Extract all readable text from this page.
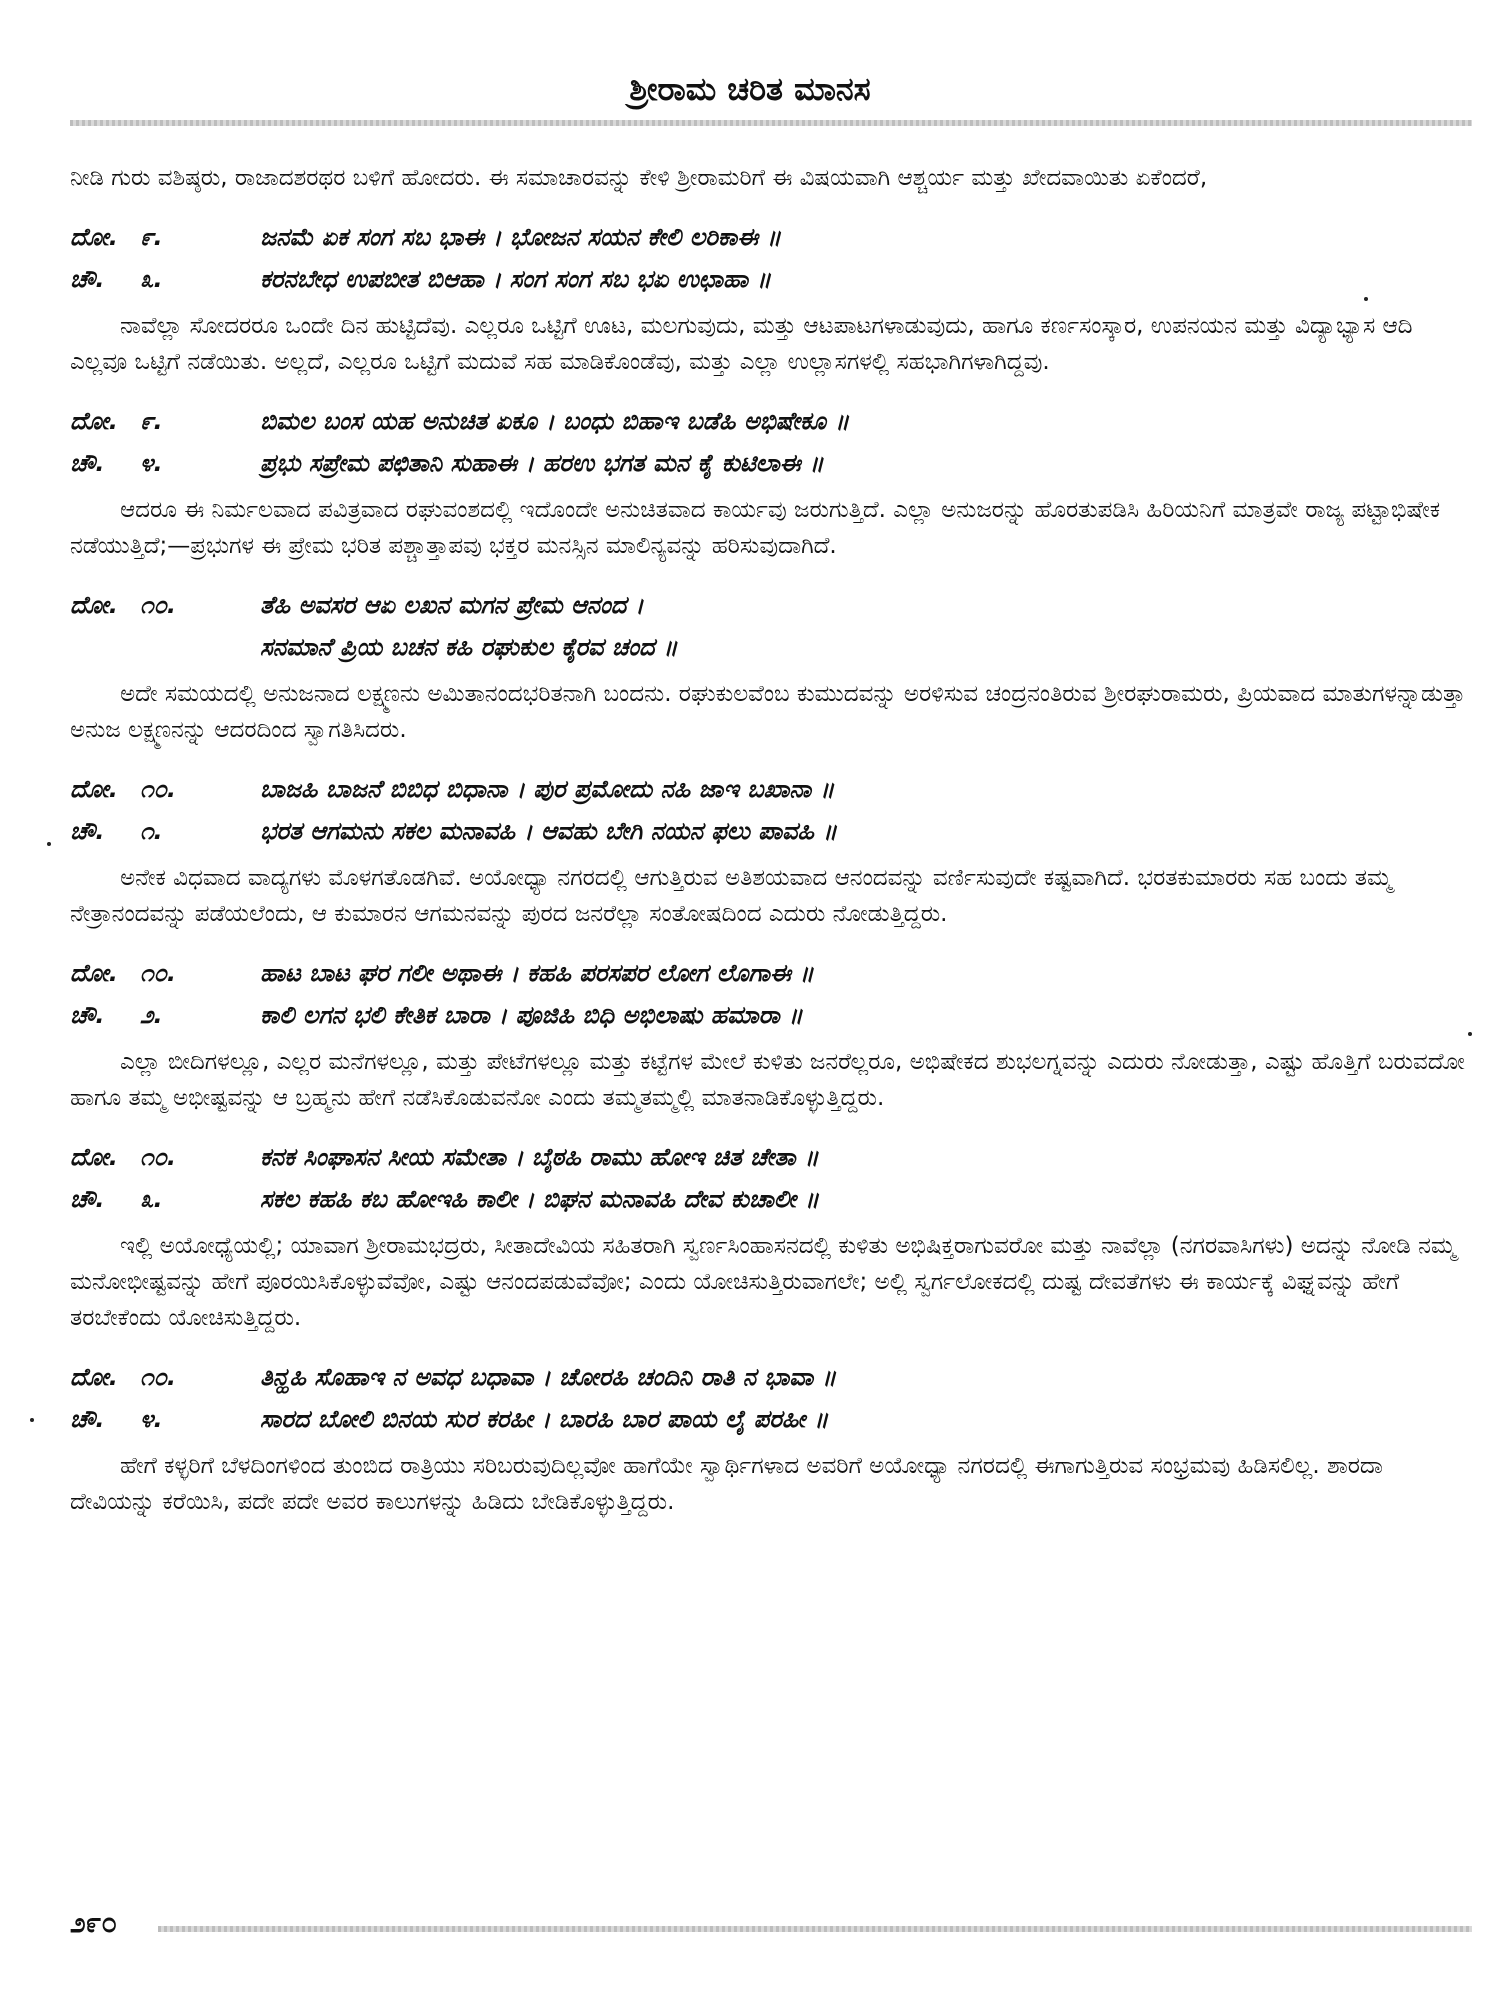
ಶ್ರೀರಾಮ ಚರಿತ ಮಾನಸ

ನೀಡಿ ಗುರು ವಶಿಷ್ಠರು, ರಾಜಾದಶರಥರ ಬಳಿಗೆ ಹೋದರು. ಈ ಸಮಾಚಾರವನ್ನು ಕೇಳಿ ಶ್ರೀರಾಮರಿಗೆ ಈ ವಿಷಯವಾಗಿ ಆಶ್ಚರ್ಯ ಮತ್ತು ಖೇದವಾಯಿತು ಏಕೆಂದರೆ,

ದೋ. ೯.	ಜನಮೆ ಏಕ ಸಂಗ ಸಬ ಭಾಈ । ಭೋಜನ ಸಯನ ಕೇಲಿ ಲರಿಕಾಈ ॥
ಚೌ.	೩.	ಕರನಬೇಧ ಉಪಬೀತ ಬಿಆಹಾ । ಸಂಗ ಸಂಗ ಸಬ ಭಏ ಉಛಾಹಾ ॥

ನಾವೆಲ್ಲಾ ಸೋದರರೂ ಒಂದೇ ದಿನ ಹುಟ್ಟಿದೆವು. ಎಲ್ಲರೂ ಒಟ್ಟಿಗೆ ಊಟ, ಮಲಗುವುದು, ಮತ್ತು ಆಟಪಾಟಗಳಾಡುವುದು, ಹಾಗೂ ಕರ್ಣಸಂಸ್ಕಾರ, ಉಪನಯನ ಮತ್ತು ವಿದ್ಯಾಭ್ಯಾಸ ಆದಿ ಎಲ್ಲವೂ ಒಟ್ಟಿಗೆ ನಡೆಯಿತು. ಅಲ್ಲದೆ, ಎಲ್ಲರೂ ಒಟ್ಟಿಗೆ ಮದುವೆ ಸಹ ಮಾಡಿಕೊಂಡೆವು, ಮತ್ತು ಎಲ್ಲಾ ಉಲ್ಲಾಸಗಳಲ್ಲಿ ಸಹಭಾಗಿಗಳಾಗಿದ್ದವು.

ದೋ. ೯.	ಬಿಮಲ ಬಂಸ ಯಹ ಅನುಚಿತ ಏಕೂ । ಬಂಧು ಬಿಹಾಇ ಬಡೆಹಿ ಅಭಿಷೇಕೂ ॥
ಚೌ.	೪.	ಪ್ರಭು ಸಪ್ರೇಮ ಪಛಿತಾನಿ ಸುಹಾಈ । ಹರಉ ಭಗತ ಮನ ಕೈ ಕುಟಿಲಾಈ ॥

ಆದರೂ ಈ ನಿರ್ಮಲವಾದ ಪವಿತ್ರವಾದ ರಘುವಂಶದಲ್ಲಿ ಇದೊಂದೇ ಅನುಚಿತವಾದ ಕಾರ್ಯವು ಜರುಗುತ್ತಿದೆ. ಎಲ್ಲಾ ಅನುಜರನ್ನು ಹೊರತುಪಡಿಸಿ ಹಿರಿಯನಿಗೆ ಮಾತ್ರವೇ ರಾಜ್ಯ ಪಟ್ಟಾಭಿಷೇಕ ನಡೆಯುತ್ತಿದೆ;—ಪ್ರಭುಗಳ ಈ ಪ್ರೇಮ ಭರಿತ ಪಶ್ಚಾತ್ತಾಪವು ಭಕ್ತರ ಮನಸ್ಸಿನ ಮಾಲಿನ್ಯವನ್ನು ಹರಿಸುವುದಾಗಿದೆ.

ದೋ. ೧೦.	ತೆಹಿ ಅವಸರ ಆಏ ಲಖನ ಮಗನ ಪ್ರೇಮ ಆನಂದ ।
ಸನಮಾನೆ ಪ್ರಿಯ ಬಚನ ಕಹಿ ರಘುಕುಲ ಕೈರವ ಚಂದ ॥

ಅದೇ ಸಮಯದಲ್ಲಿ ಅನುಜನಾದ ಲಕ್ಷ್ಮಣನು ಅಮಿತಾನಂದಭರಿತನಾಗಿ ಬಂದನು. ರಘುಕುಲವೆಂಬ ಕುಮುದವನ್ನು ಅರಳಿಸುವ ಚಂದ್ರನಂತಿರುವ ಶ್ರೀರಘುರಾಮರು, ಪ್ರಿಯವಾದ ಮಾತುಗಳನ್ನಾಡುತ್ತಾ ಅನುಜ ಲಕ್ಷ್ಮಣನನ್ನು ಆದರದಿಂದ ಸ್ವಾಗತಿಸಿದರು.

ದೋ. ೧೦.	ಬಾಜಹಿ ಬಾಜನೆ ಬಿಬಿಧ ಬಿಧಾನಾ । ಪುರ ಪ್ರಮೋದು ನಹಿ ಜಾಇ ಬಖಾನಾ ॥
ಚೌ.	೧.	ಭರತ ಆಗಮನು ಸಕಲ ಮನಾವಹಿ । ಆವಹು ಬೇಗಿ ನಯನ ಫಲು ಪಾವಹಿ ॥

ಅನೇಕ ವಿಧವಾದ ವಾದ್ಯಗಳು ಮೊಳಗತೊಡಗಿವೆ. ಅಯೋಧ್ಯಾ ನಗರದಲ್ಲಿ ಆಗುತ್ತಿರುವ ಅತಿಶಯವಾದ ಆನಂದವನ್ನು ವರ್ಣಿಸುವುದೇ ಕಷ್ಟವಾಗಿದೆ. ಭರತಕುಮಾರರು ಸಹ ಬಂದು ತಮ್ಮ ನೇತ್ರಾನಂದವನ್ನು ಪಡೆಯಲೆಂದು, ಆ ಕುಮಾರನ ಆಗಮನವನ್ನು ಪುರದ ಜನರೆಲ್ಲಾ ಸಂತೋಷದಿಂದ ಎದುರು ನೋಡುತ್ತಿದ್ದರು.

ದೋ. ೧೦.	ಹಾಟ ಬಾಟ ಘರ ಗಲೀ ಅಥಾಈ । ಕಹಹಿ ಪರಸಪರ ಲೋಗ ಲೊಗಾಈ ॥
ಚೌ.	೨.	ಕಾಲಿ ಲಗನ ಭಲಿ ಕೇತಿಕ ಬಾರಾ । ಪೂಜಿಹಿ ಬಿಧಿ ಅಭಿಲಾಷು ಹಮಾರಾ ॥

ಎಲ್ಲಾ ಬೀದಿಗಳಲ್ಲೂ, ಎಲ್ಲರ ಮನೆಗಳಲ್ಲೂ, ಮತ್ತು ಪೇಟೆಗಳಲ್ಲೂ ಮತ್ತು ಕಟ್ಟೆಗಳ ಮೇಲೆ ಕುಳಿತು ಜನರೆಲ್ಲರೂ, ಅಭಿಷೇಕದ ಶುಭಲಗ್ನವನ್ನು ಎದುರು ನೋಡುತ್ತಾ, ಎಷ್ಟು ಹೊತ್ತಿಗೆ ಬರುವದೋ ಹಾಗೂ ತಮ್ಮ ಅಭೀಷ್ಟವನ್ನು ಆ ಬ್ರಹ್ಮನು ಹೇಗೆ ನಡೆಸಿಕೊಡುವನೋ ಎಂದು ತಮ್ಮತಮ್ಮಲ್ಲಿ ಮಾತನಾಡಿಕೊಳ್ಳುತ್ತಿದ್ದರು.

ದೋ. ೧೦.	ಕನಕ ಸಿಂಘಾಸನ ಸೀಯ ಸಮೇತಾ । ಬೈಠಹಿ ರಾಮು ಹೋಇ ಚಿತ ಚೇತಾ ॥
ಚೌ.	೩.	ಸಕಲ ಕಹಹಿ ಕಬ ಹೋಇಹಿ ಕಾಲೀ । ಬಿಘನ ಮನಾವಹಿ ದೇವ ಕುಚಾಲೀ ॥

ಇಲ್ಲಿ ಅಯೋಧ್ಯೆಯಲ್ಲಿ; ಯಾವಾಗ ಶ್ರೀರಾಮಭದ್ರರು, ಸೀತಾದೇವಿಯ ಸಹಿತರಾಗಿ ಸ್ವರ್ಣಸಿಂಹಾಸನದಲ್ಲಿ ಕುಳಿತು ಅಭಿಷಿಕ್ತರಾಗುವರೋ ಮತ್ತು ನಾವೆಲ್ಲಾ (ನಗರವಾಸಿಗಳು) ಅದನ್ನು ನೋಡಿ ನಮ್ಮ ಮನೋಭೀಷ್ಟವನ್ನು ಹೇಗೆ ಪೂರಯಿಸಿಕೊಳ್ಳುವೆವೋ, ಎಷ್ಟು ಆನಂದಪಡುವೆವೋ; ಎಂದು ಯೋಚಿಸುತ್ತಿರುವಾಗಲೇ; ಅಲ್ಲಿ ಸ್ವರ್ಗಲೋಕದಲ್ಲಿ ದುಷ್ಟ ದೇವತೆಗಳು ಈ ಕಾರ್ಯಕ್ಕೆ ವಿಘ್ನವನ್ನು ಹೇಗೆ ತರಬೇಕೆಂದು ಯೋಚಿಸುತ್ತಿದ್ದರು.

ದೋ. ೧೦.	ತಿನ್ಹಹಿ ಸೊಹಾಇ ನ ಅವಧ ಬಧಾವಾ । ಚೋರಹಿ ಚಂದಿನಿ ರಾತಿ ನ ಭಾವಾ ॥
ಚೌ.	೪.	ಸಾರದ ಬೋಲಿ ಬಿನಯ ಸುರ ಕರಹೀ । ಬಾರಹಿ ಬಾರ ಪಾಯ ಲೈ ಪರಹೀ ॥

ಹೇಗೆ ಕಳ್ಳರಿಗೆ ಬೆಳದಿಂಗಳಿಂದ ತುಂಬಿದ ರಾತ್ರಿಯು ಸರಿಬರುವುದಿಲ್ಲವೋ ಹಾಗೆಯೇ ಸ್ವಾರ್ಥಿಗಳಾದ ಅವರಿಗೆ ಅಯೋಧ್ಯಾ ನಗರದಲ್ಲಿ ಈಗಾಗುತ್ತಿರುವ ಸಂಭ್ರಮವು ಹಿಡಿಸಲಿಲ್ಲ. ಶಾರದಾ ದೇವಿಯನ್ನು ಕರೆಯಿಸಿ, ಪದೇ ಪದೇ ಅವರ ಕಾಲುಗಳನ್ನು ಹಿಡಿದು ಬೇಡಿಕೊಳ್ಳುತ್ತಿದ್ದರು.

೨೯೦
